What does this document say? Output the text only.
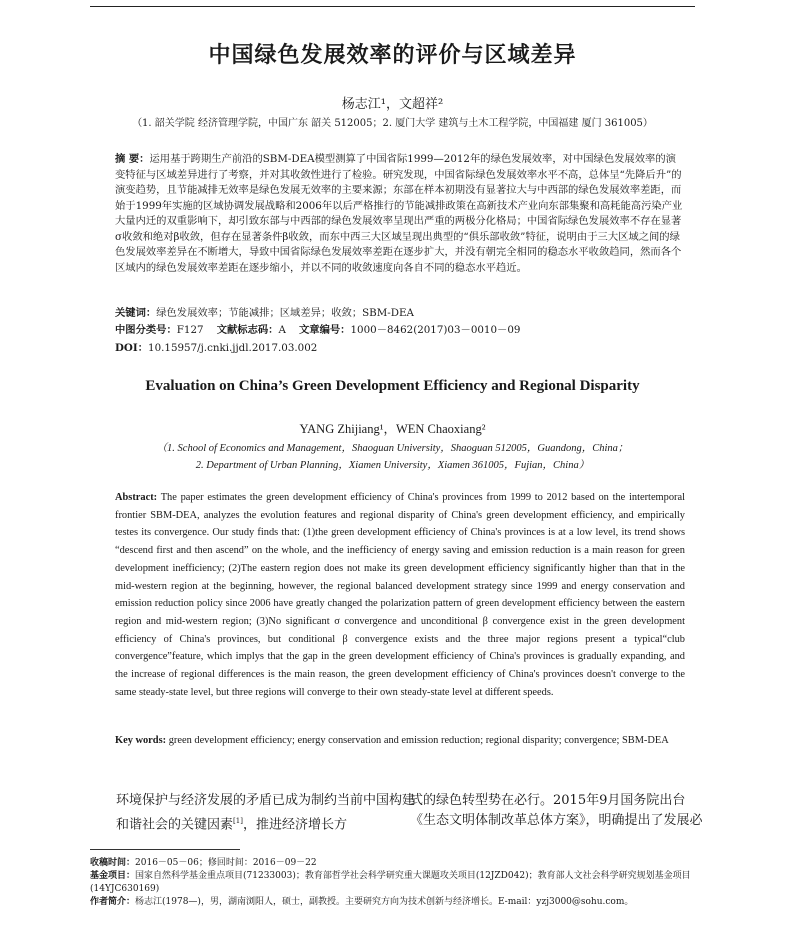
中国绿色发展效率的评价与区域差异
杨志江¹，文超祥²
（1. 韶关学院 经济管理学院，中国广东 韶关 512005；2. 厦门大学 建筑与土木工程学院，中国福建 厦门 361005）
摘 要：运用基于跨期生产前沿的SBM-DEA模型测算了中国省际1999—2012年的绿色发展效率，对中国绿色发展效率的演变特征与区域差异进行了考察，并对其收敛性进行了检验。研究发现，中国省际绿色发展效率水平不高，总体呈“先降后升”的演变趋势，且节能减排无效率是绿色发展无效率的主要来源；东部在样本初期没有显著拉大与中西部的绿色发展效率差距，而始于1999年实施的区域协调发展战略和2006年以后严格推行的节能减排政策在高新技术产业向东部集聚和高耗能高污染产业大量内迁的双重影响下，却引致东部与中西部的绿色发展效率呈现出严重的两极分化格局；中国省际绿色发展效率不存在显著σ收敛和绝对β收敛，但存在显著条件β收敛，而东中西三大区域呈现出典型的“俱乐部收敛”特征，说明由于三大区域之间的绿色发展效率差异在不断增大，导致中国省际绿色发展效率差距在逐步扩大，并没有朝完全相同的稳态水平收敛趋同，然而各个区域内的绿色发展效率差距在逐步缩小，并以不同的收敛速度向各自不同的稳态水平趋近。
关键词：绿色发展效率；节能减排；区域差异；收敛；SBM-DEA
中图分类号：F127 文献标志码：A 文章编号：1000－8462(2017)03－0010－09
DOI：10.15957/j.cnki.jjdl.2017.03.002
Evaluation on China’s Green Development Efficiency and Regional Disparity
YANG Zhijiang¹，WEN Chaoxiang²
（1. School of Economics and Management，Shaoguan University，Shaoguan 512005，Guandong，China；
2. Department of Urban Planning，Xiamen University，Xiamen 361005，Fujian，China）
Abstract: The paper estimates the green development efficiency of China's provinces from 1999 to 2012 based on the intertemporal frontier SBM-DEA, analyzes the evolution features and regional disparity of China's green development efficiency, and empirically testes its convergence. Our study finds that: (1)the green development efficiency of China's provinces is at a low level, its trend shows “descend first and then ascend” on the whole, and the inefficiency of energy saving and emission reduction is a main reason for green development inefficiency; (2)The eastern region does not make its green development efficiency significantly higher than that in the mid-western region at the beginning, however, the regional balanced development strategy since 1999 and energy conservation and emission reduction policy since 2006 have greatly changed the polarization pattern of green development efficiency between the eastern region and mid-western region; (3)No significant σ convergence and unconditional β convergence exist in the green development efficiency of China's provinces, but conditional β convergence exists and the three major regions present a typical“club convergence”feature, which implys that the gap in the green development efficiency of China's provinces is gradually expanding, and the increase of regional differences is the main reason, the green development efficiency of China's provinces doesn't converge to the same steady-state level, but three regions will converge to their own steady-state level at different speeds.
Key words: green development efficiency; energy conservation and emission reduction; regional disparity; convergence; SBM-DEA
环境保护与经济发展的矛盾已成为制约当前中国构建和谐社会的关键因素[1]，推进经济增长方
式的绿色转型势在必行。2015年9月国务院出台《生态文明体制改革总体方案》，明确提出了发展必
收稿时间：2016－05－06；修回时间：2016－09－22
基金项目：国家自然科学基金重点项目(71233003)；教育部哲学社会科学研究重大课题攻关项目(12JZD042)；教育部人文社会科学研究规划基金项目(14YJC630169)
作者简介：杨志江(1978—)，男，湖南浏阳人，硕士，副教授。主要研究方向为技术创新与经济增长。E-mail：yzj3000@sohu.com。
